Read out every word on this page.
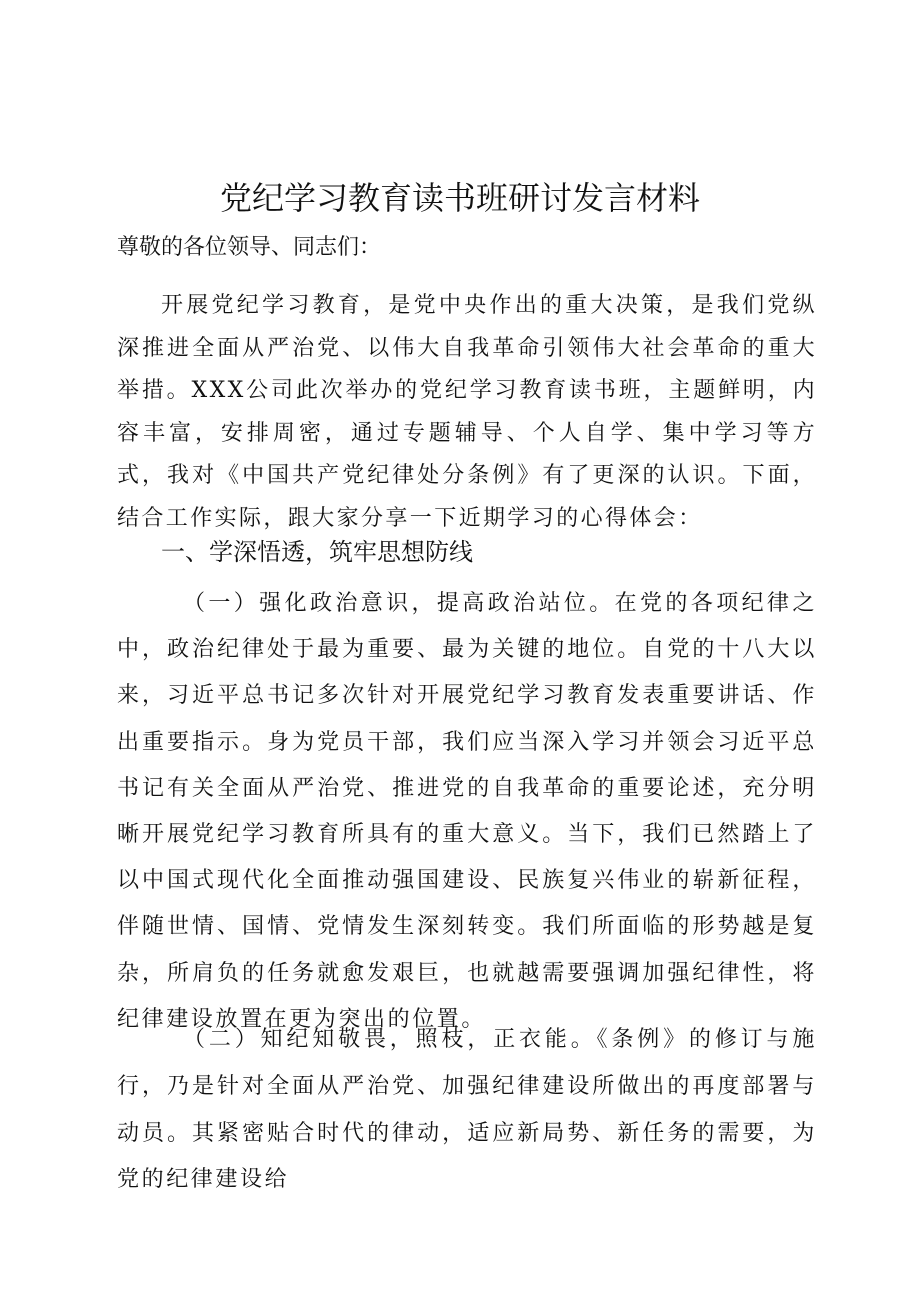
党纪学习教育读书班研讨发言材料
尊敬的各位领导、同志们：
开展党纪学习教育，是党中央作出的重大决策，是我们党纵深推进全面从严治党、以伟大自我革命引领伟大社会革命的重大举措。XXX公司此次举办的党纪学习教育读书班，主题鲜明，内容丰富，安排周密，通过专题辅导、个人自学、集中学习等方式，我对《中国共产党纪律处分条例》有了更深的认识。下面，结合工作实际，跟大家分享一下近期学习的心得体会：
一、学深悟透，筑牢思想防线
（一）强化政治意识，提高政治站位。在党的各项纪律之中，政治纪律处于最为重要、最为关键的地位。自党的十八大以来，习近平总书记多次针对开展党纪学习教育发表重要讲话、作出重要指示。身为党员干部，我们应当深入学习并领会习近平总书记有关全面从严治党、推进党的自我革命的重要论述，充分明晰开展党纪学习教育所具有的重大意义。当下，我们已然踏上了以中国式现代化全面推动强国建设、民族复兴伟业的崭新征程，伴随世情、国情、党情发生深刻转变。我们所面临的形势越是复杂，所肩负的任务就愈发艰巨，也就越需要强调加强纪律性，将纪律建设放置在更为突出的位置。
（二）知纪知敬畏，照枝，正衣能。《条例》的修订与施行，乃是针对全面从严治党、加强纪律建设所做出的再度部署与动员。其紧密贴合时代的律动，适应新局势、新任务的需要，为党的纪律建设给
